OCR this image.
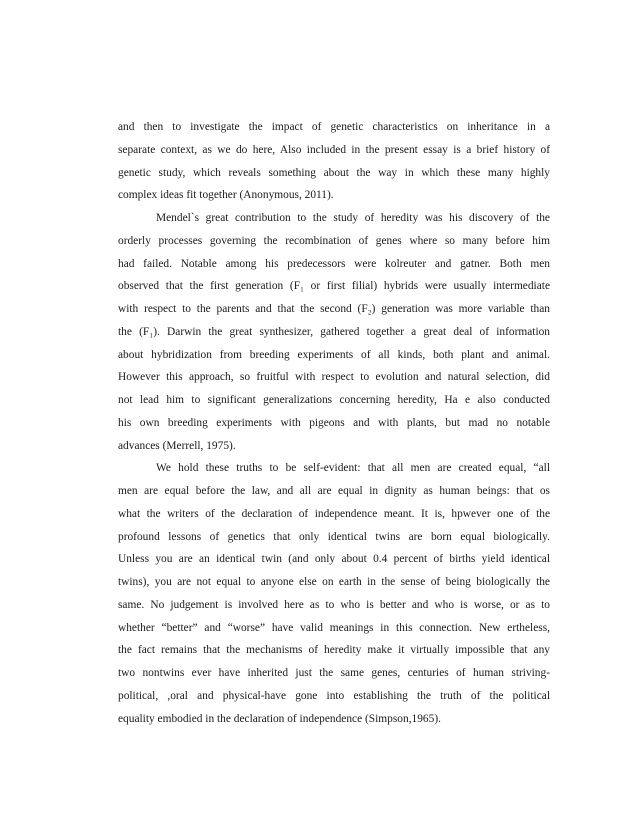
and then to investigate the impact of genetic characteristics on inheritance in a
separate context, as we do here, Also included in the present essay is a brief history of
genetic study, which reveals something about the way in which these many highly
complex ideas fit together (Anonymous, 2011).
Mendel`s great contribution to the study of heredity was his discovery of the
orderly processes governing the recombination of genes where so many before him
had failed. Notable among his predecessors were kolreuter and gatner. Both men
observed that the first generation (F₁ or first filial) hybrids were usually intermediate
with respect to the parents and that the second (F₂) generation was more variable than
the (F₁). Darwin the great synthesizer, gathered together a great deal of information
about hybridization from breeding experiments of all kinds, both plant and animal.
However this approach, so fruitful with respect to evolution and natural selection, did
not lead him to significant generalizations concerning heredity, Ha e also conducted
his own breeding experiments with pigeons and with plants, but mad no notable
advances (Merrell, 1975).
We hold these truths to be self-evident: that all men are created equal, “all
men are equal before the law, and all are equal in dignity as human beings: that os
what the writers of the declaration of independence meant. It is, hpwever one of the
profound lessons of genetics that only identical twins are born equal biologically.
Unless you are an identical twin (and only about 0.4 percent of births yield identical
twins), you are not equal to anyone else on earth in the sense of being biologically the
same. No judgement is involved here as to who is better and who is worse, or as to
whether “better” and “worse” have valid meanings in this connection. New ertheless,
the fact remains that the mechanisms of heredity make it virtually impossible that any
two nontwins ever have inherited just the same genes, centuries of human striving-
political, ,oral and physical-have gone into establishing the truth of the political
equality embodied in the declaration of independence (Simpson,1965).
